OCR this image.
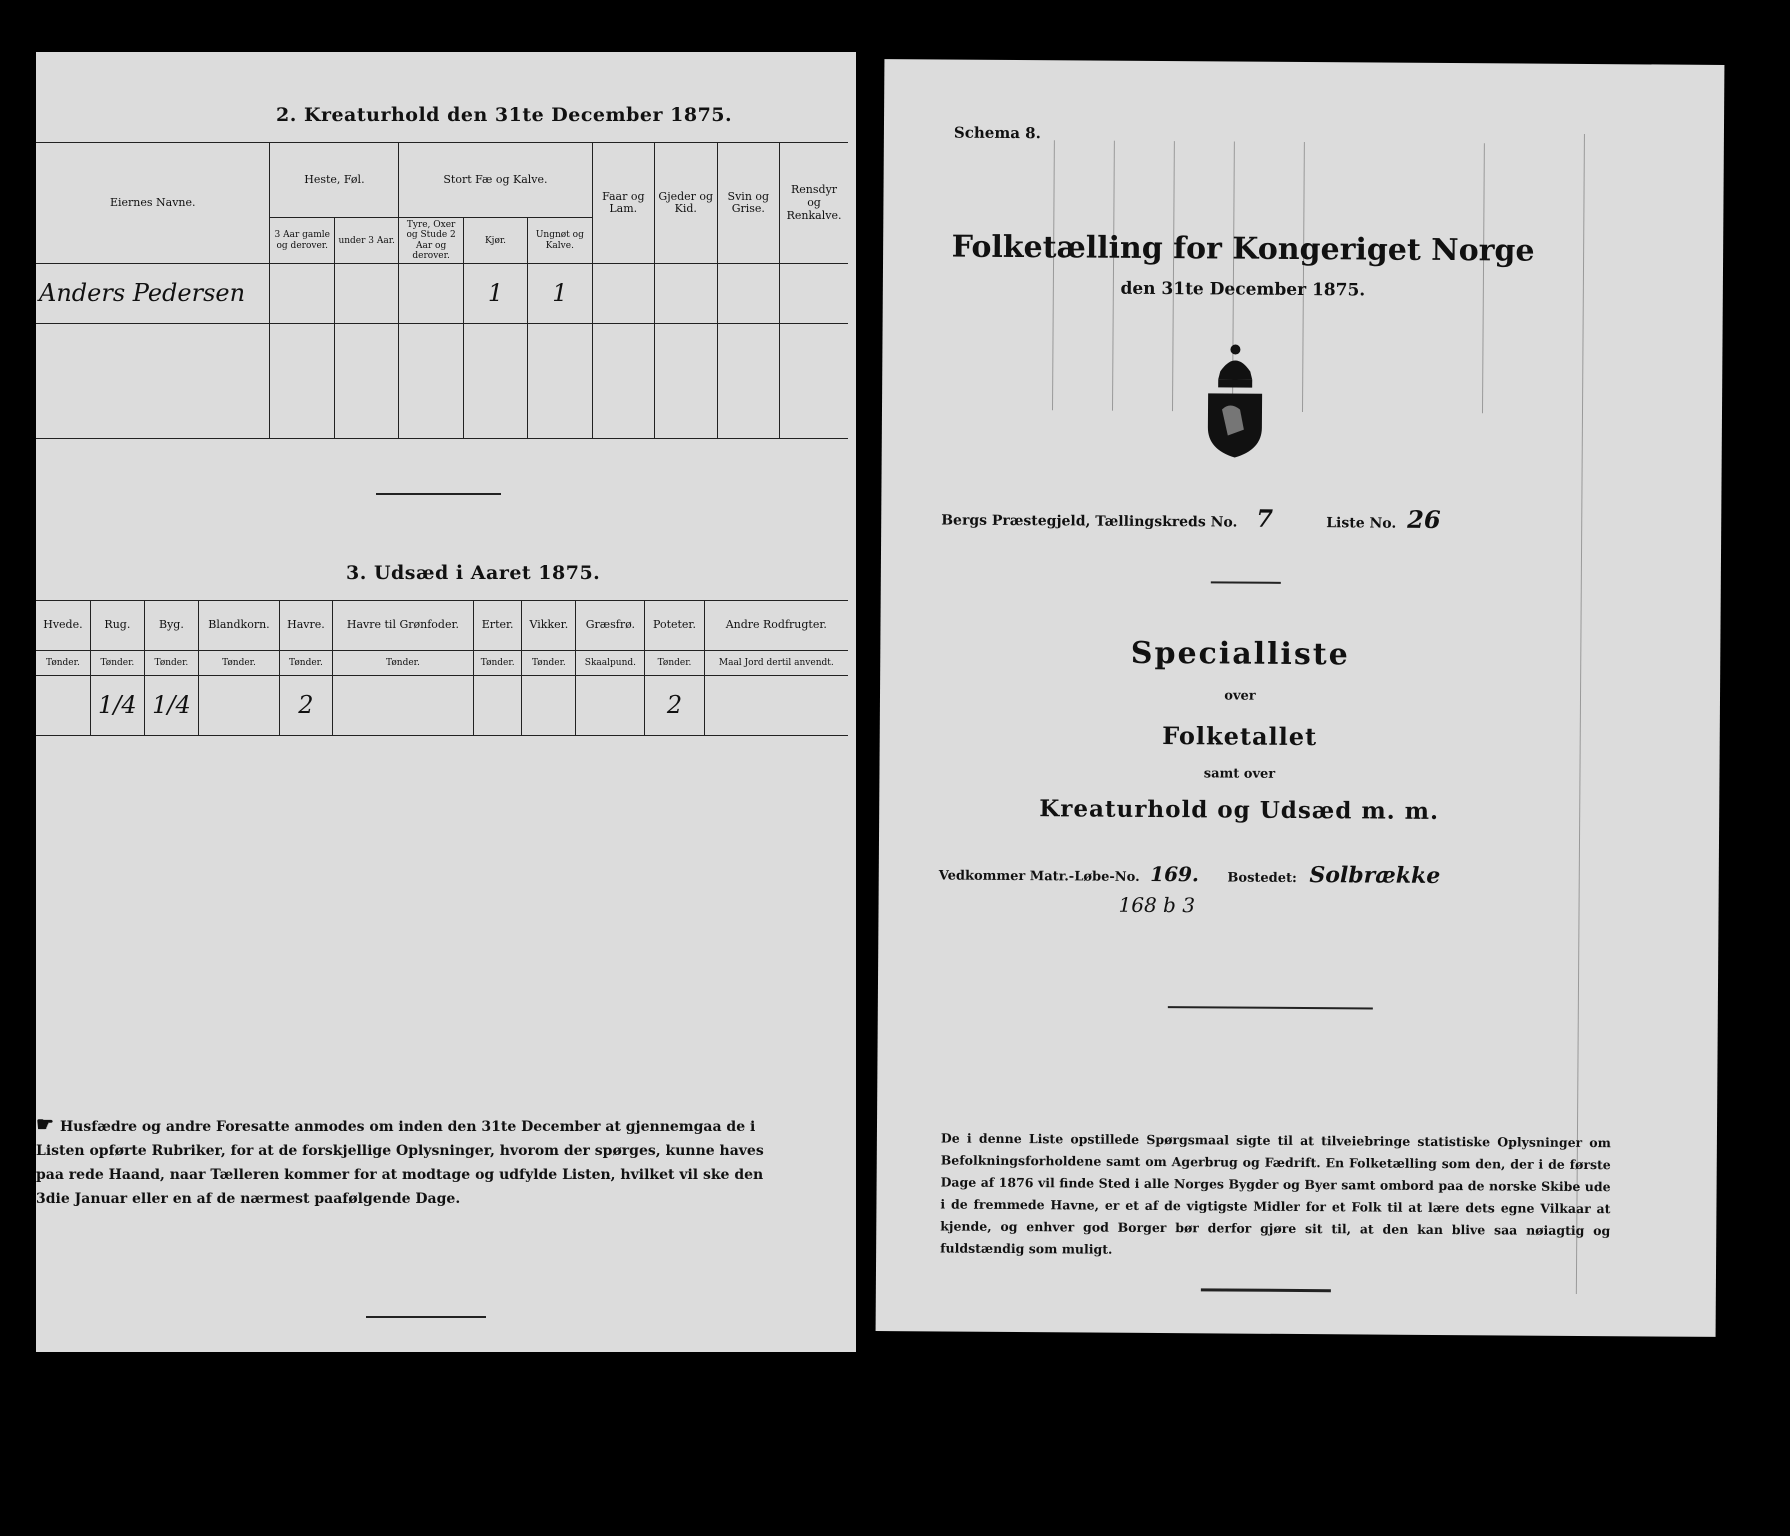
2. Kreaturhold den 31te December 1875.
Eiernes Navne.	Heste, Føl.		Stort Fæ og Kalve.			Faar og Lam.	Gjeder og Kid.	Svin og Grise.	Rensdyr og Renkalve.
	3 Aar gamle og derover.	under 3 Aar.	Tyre, Oxer og Stude 2 Aar og derover.	Kjør.	Ungnøt og Kalve.				
Anders Pedersen				1	1				

3. Udsæd i Aaret 1875.
Hvede.	Rug.	Byg.	Blandkorn.	Havre.	Havre til Grønfoder.	Erter.	Vikker.	Græsfrø.	Poteter.	Andre Rodfrugter.
Tønder.	Tønder.	Tønder.	Tønder.	Tønder.	Tønder.	Tønder.	Tønder.	Skaalpund.	Tønder.	Maal Jord dertil anvendt.
	1/4	1/4		2					2	
☛ Husfædre og andre Foresatte anmodes om inden den 31te December at gjennemgaa de i Listen opførte Rubriker, for at de forskjellige Oplysninger, hvorom der spørges, kunne haves paa rede Haand, naar Tælleren kommer for at modtage og udfylde Listen, hvilket vil ske den 3die Januar eller en af de nærmest paafølgende Dage.
Schema 8.
Folketælling for Kongeriget Norge
den 31te December 1875.
Bergs Præstegjeld, Tællingskreds No. 7	Liste No. 26
Specialliste
over
Folketallet
samt over
Kreaturhold og Udsæd m. m.
Vedkommer Matr.-Løbe-No. 169. Bostedet: Solbrække
168 b 3
De i denne Liste opstillede Spørgsmaal sigte til at tilveiebringe statistiske Oplysninger om Befolkningsforholdene samt om Agerbrug og Fædrift. En Folketælling som den, der i de første Dage af 1876 vil finde Sted i alle Norges Bygder og Byer samt ombord paa de norske Skibe ude i de fremmede Havne, er et af de vigtigste Midler for et Folk til at lære dets egne Vilkaar at kjende, og enhver god Borger bør derfor gjøre sit til, at den kan blive saa nøiagtig og fuldstændig som muligt.
